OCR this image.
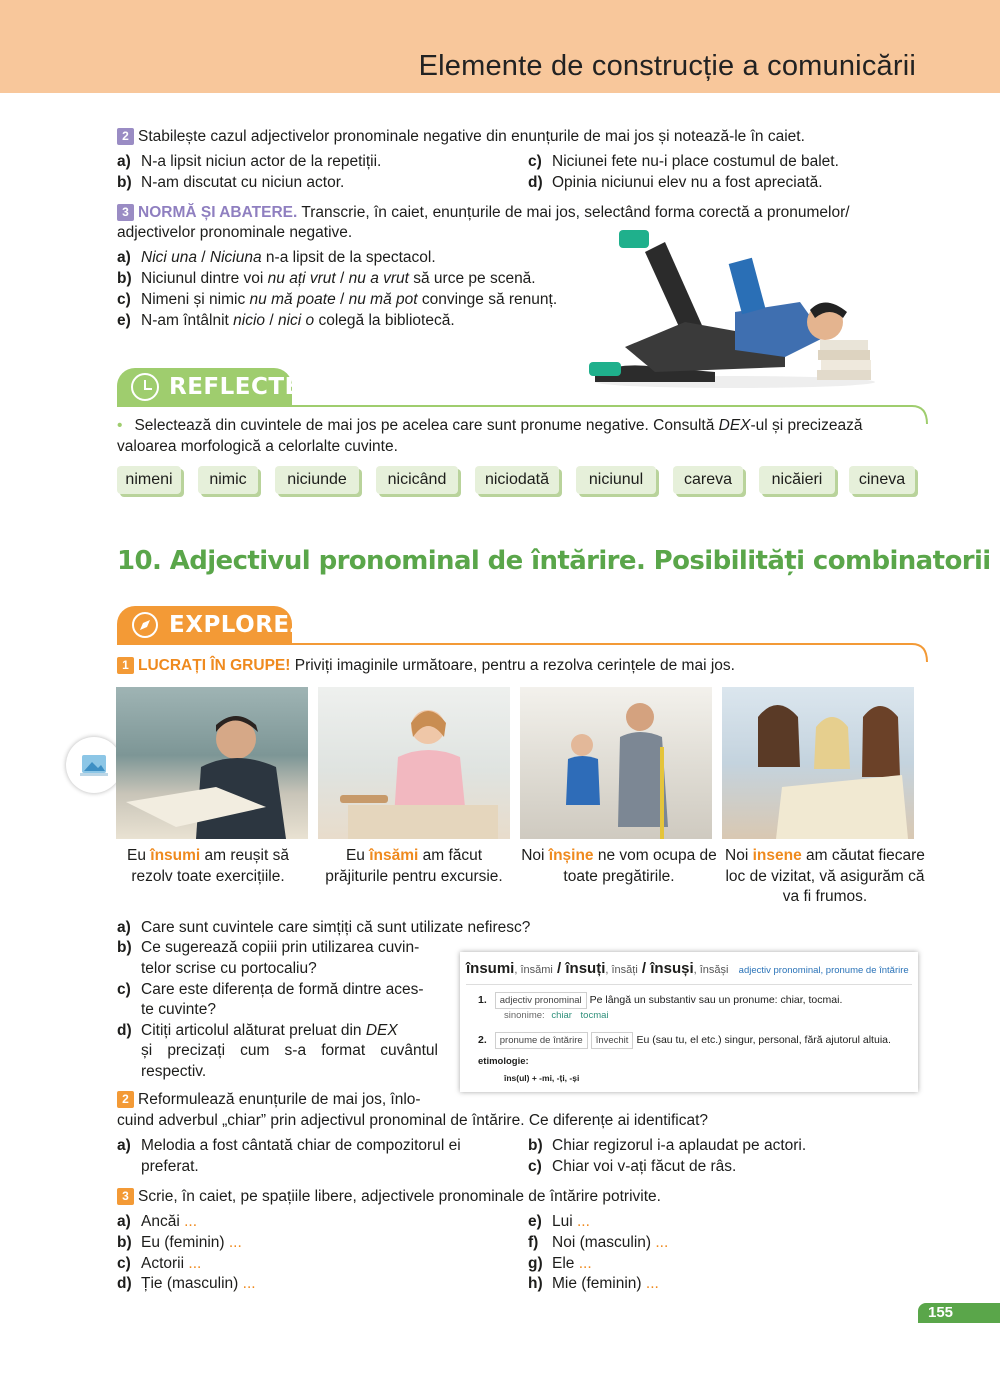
Elemente de construcție a comunicării
2 Stabilește cazul adjectivelor pronominale negative din enunțurile de mai jos și notează-le în caiet.
a) N-a lipsit niciun actor de la repetiții.
b) N-am discutat cu niciun actor.
c) Niciunei fete nu-i place costumul de balet.
d) Opinia niciunui elev nu a fost apreciată.
3 NORMĂ ȘI ABATERE. Transcrie, în caiet, enunțurile de mai jos, selectând forma corectă a pronumelor/
adjectivelor pronominale negative.
a) Nici una / Niciuna n-a lipsit de la spectacol.
b) Niciunul dintre voi nu ați vrut / nu a vrut să urce pe scenă.
c) Nimeni și nimic nu mă poate / nu mă pot convinge să renunț.
e) N-am întâlnit nicio / nici o colegă la bibliotecă.
REFLECTEZ
• Selectează din cuvintele de mai jos pe acelea care sunt pronume negative. Consultă DEX-ul și precizează
valoarea morfologică a celorlalte cuvinte.
nimeni	nimic	niciunde	nicicând	niciodată	niciunul	careva	nicăieri	cineva
10. Adjectivul pronominal de întărire. Posibilități combinatorii
EXPLOREZ
1 LUCRAȚI ÎN GRUPE! Priviți imaginile următoare, pentru a rezolva cerințele de mai jos.
Eu însumi am reușit să rezolv toate exercițiile.
Eu însămi am făcut prăjiturile pentru excursie.
Noi înșine ne vom ocupa de toate pregătirile.
Noi insene am căutat fiecare loc de vizitat, vă asigurăm că va fi frumos.
a) Care sunt cuvintele care simțiți că sunt utilizate nefiresc?
b) Ce sugerează copiii prin utilizarea cuvin-
telor scrise cu portocaliu?
c) Care este diferența de formă dintre aces-
te cuvinte?
d) Citiți articolul alăturat preluat din DEX
și precizați cum s-a format cuvântul
respectiv.
însumi, însămi / însuți, însăți / însuși, însăși adjectiv pronominal, pronume de întărire
1. adjectiv pronominal Pe lângă un substantiv sau un pronume: chiar, tocmai.
sinonime: chiar tocmai
2. pronume de întărire învechit Eu (sau tu, el etc.) singur, personal, fără ajutorul altuia.
etimologie:
îns(ul) + -mi, -ți, -și
2 Reformulează enunțurile de mai jos, înlo-
cuind adverbul „chiar” prin adjectivul pronominal de întărire. Ce diferențe ai identificat?
a) Melodia a fost cântată chiar de compozitorul ei
preferat.
b) Chiar regizorul i-a aplaudat pe actori.
c) Chiar voi v-ați făcut de râs.
3 Scrie, în caiet, pe spațiile libere, adjectivele pronominale de întărire potrivite.
a) Ancăi ...
b) Eu (feminin) ...
c) Actorii ...
d) Ție (masculin) ...
e) Lui ...
f) Noi (masculin) ...
g) Ele ...
h) Mie (feminin) ...
155
